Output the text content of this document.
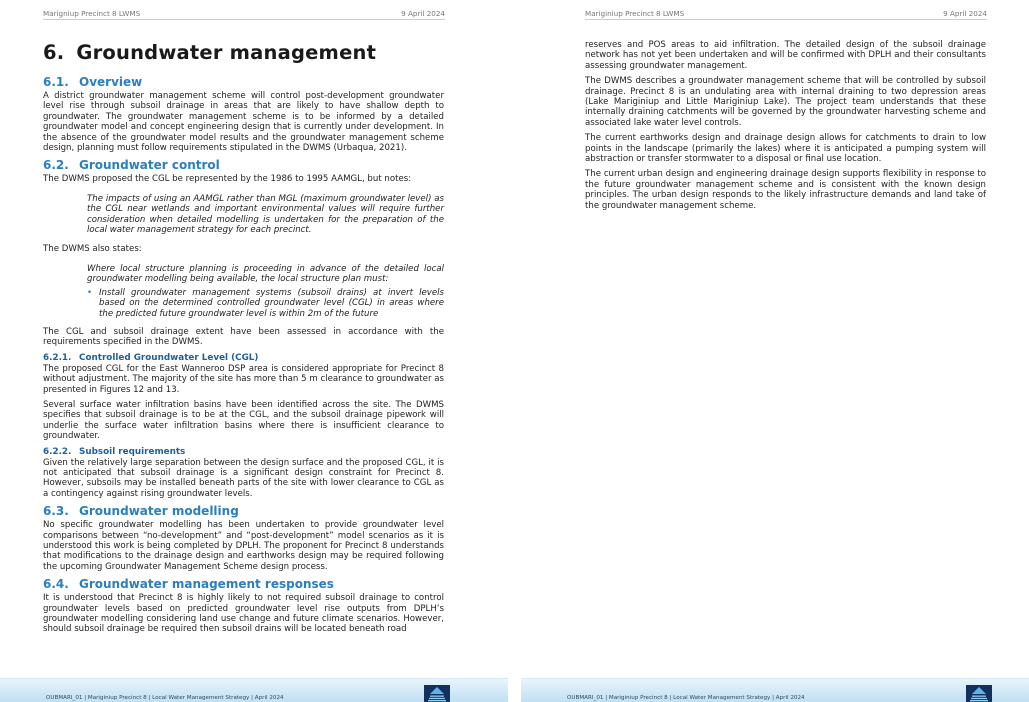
Marigniup Precinct 8 LWMS	9 April 2024
6. Groundwater management
6.1. Overview

A district groundwater management scheme will control post-development groundwater level rise through subsoil drainage in areas that are likely to have shallow depth to groundwater. The groundwater management scheme is to be informed by a detailed groundwater model and concept engineering design that is currently under development. In the absence of the groundwater model results and the groundwater management scheme design, planning must follow requirements stipulated in the DWMS (Urbaqua, 2021).

6.2. Groundwater control

The DWMS proposed the CGL be represented by the 1986 to 1995 AAMGL, but notes:

The impacts of using an AAMGL rather than MGL (maximum groundwater level) as the CGL near wetlands and important environmental values will require further consideration when detailed modelling is undertaken for the preparation of the local water management strategy for each precinct.

The DWMS also states:

Where local structure planning is proceeding in advance of the detailed local groundwater modelling being available, the local structure plan must:

• Install groundwater management systems (subsoil drains) at invert levels based on the determined controlled groundwater level (CGL) in areas where the predicted future groundwater level is within 2m of the future

The CGL and subsoil drainage extent have been assessed in accordance with the requirements specified in the DWMS.

6.2.1. Controlled Groundwater Level (CGL)

The proposed CGL for the East Wanneroo DSP area is considered appropriate for Precinct 8 without adjustment. The majority of the site has more than 5 m clearance to groundwater as presented in Figures 12 and 13.

Several surface water infiltration basins have been identified across the site. The DWMS specifies that subsoil drainage is to be at the CGL, and the subsoil drainage pipework will underlie the surface water infiltration basins where there is insufficient clearance to groundwater.

6.2.2. Subsoil requirements

Given the relatively large separation between the design surface and the proposed CGL, it is not anticipated that subsoil drainage is a significant design constraint for Precinct 8. However, subsoils may be installed beneath parts of the site with lower clearance to CGL as a contingency against rising groundwater levels.

6.3. Groundwater modelling

No specific groundwater modelling has been undertaken to provide groundwater level comparisons between “no-development” and “post-development” model scenarios as it is understood this work is being completed by DPLH. The proponent for Precinct 8 understands that modifications to the drainage design and earthworks design may be required following the upcoming Groundwater Management Scheme design process.

6.4. Groundwater management responses

It is understood that Precinct 8 is highly likely to not required subsoil drainage to control groundwater levels based on predicted groundwater level rise outputs from DPLH’s groundwater modelling considering land use change and future climate scenarios. However, should subsoil drainage be required then subsoil drains will be located beneath road

OUBMARI_01 | Mariginiup Precinct 8 | Local Water Management Strategy | April 2024
Mariginiup Precinct 8 LWMS	9 April 2024

reserves and POS areas to aid infiltration. The detailed design of the subsoil drainage network has not yet been undertaken and will be confirmed with DPLH and their consultants assessing groundwater management.

The DWMS describes a groundwater management scheme that will be controlled by subsoil drainage. Precinct 8 is an undulating area with internal draining to two depression areas (Lake Mariginiup and Little Mariginiup Lake). The project team understands that these internally draining catchments will be governed by the groundwater harvesting scheme and associated lake water level controls.

The current earthworks design and drainage design allows for catchments to drain to low points in the landscape (primarily the lakes) where it is anticipated a pumping system will abstraction or transfer stormwater to a disposal or final use location.

The current urban design and engineering drainage design supports flexibility in response to the future groundwater management scheme and is consistent with the known design principles. The urban design responds to the likely infrastructure demands and land take of the groundwater management scheme.

OUBMARI_01 | Mariginiup Precinct 8 | Local Water Management Strategy | April 2024
